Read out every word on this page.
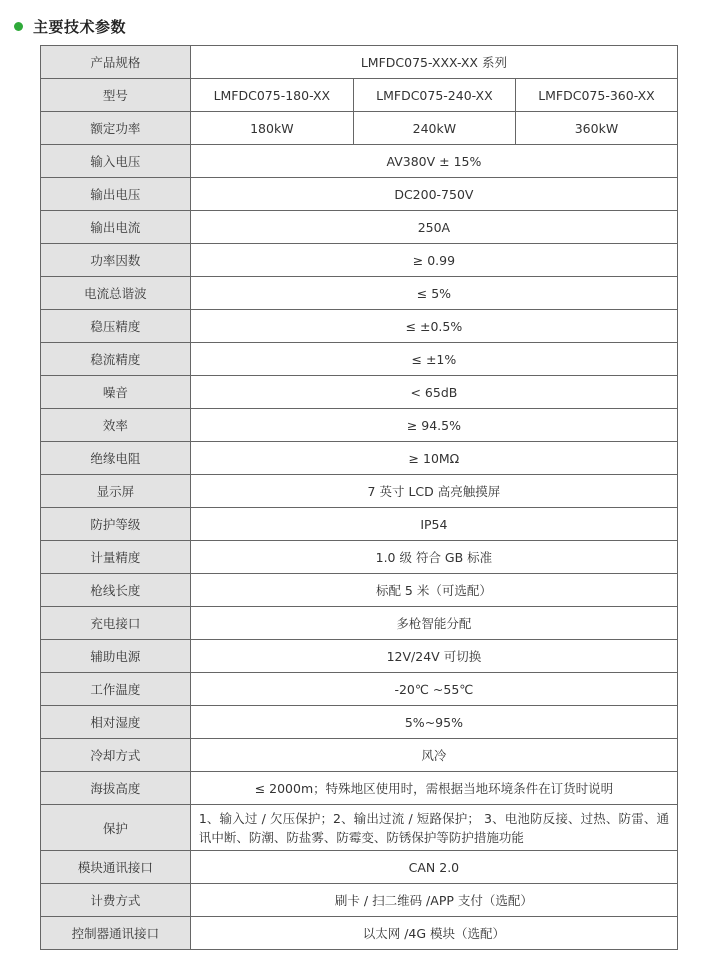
主要技术参数
产品规格	LMFDC075-XXX-XX 系列		
型号	LMFDC075-180-XX	LMFDC075-240-XX	LMFDC075-360-XX
额定功率	180kW	240kW	360kW
输入电压	AV380V ± 15%		
输出电压	DC200-750V		
输出电流	250A		
功率因数	≥ 0.99		
电流总谐波	≤ 5%		
稳压精度	≤ ±0.5%		
稳流精度	≤ ±1%		
噪音	< 65dB		
效率	≥ 94.5%		
绝缘电阻	≥ 10MΩ		
显示屏	7 英寸 LCD 高亮触摸屏		
防护等级	IP54		
计量精度	1.0 级 符合 GB 标准		
枪线长度	标配 5 米（可选配）		
充电接口	多枪智能分配		
辅助电源	12V/24V 可切换		
工作温度	-20℃ ~55℃		
相对湿度	5%~95%		
冷却方式	风冷		
海拔高度	≤ 2000m；特殊地区使用时，需根据当地环境条件在订货时说明		
保护	1、输入过 / 欠压保护；2、输出过流 / 短路保护； 3、电池防反接、过热、防雷、通讯中断、防潮、防盐雾、防霉变、防锈保护等防护措施功能		
模块通讯接口	CAN 2.0		
计费方式	刷卡 / 扫二维码 /APP 支付（选配）		
控制器通讯接口	以太网 /4G 模块（选配）		
